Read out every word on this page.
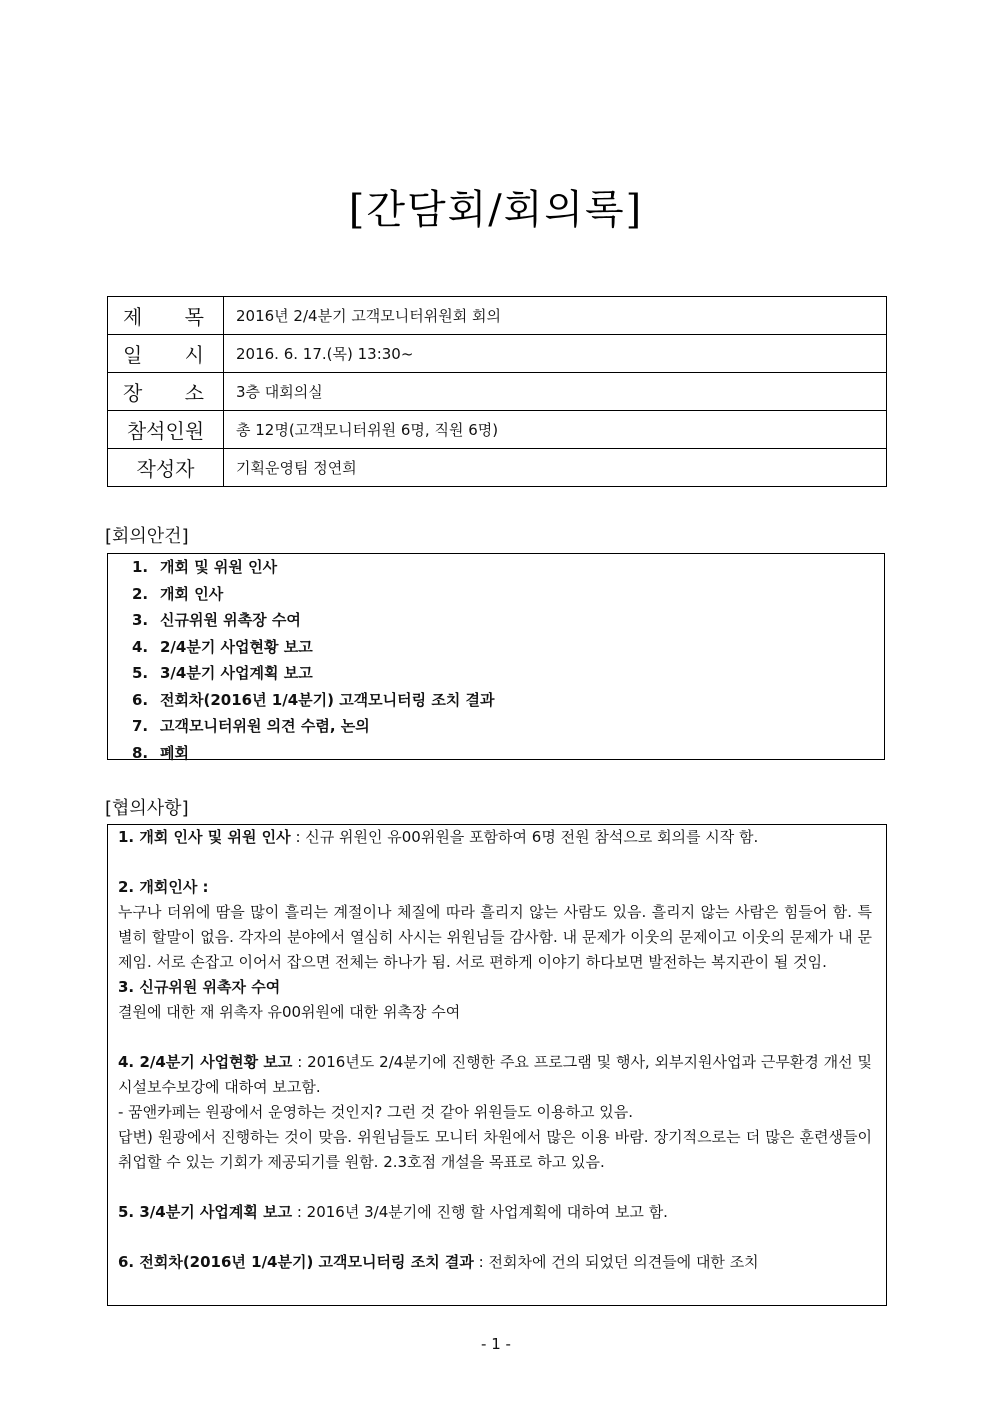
[간담회/회의록]
제 목	2016년 2/4분기 고객모니터위원회 회의
일 시	2016. 6. 17.(목) 13:30~
장 소	3층 대회의실
참석인원	총 12명(고객모니터위원 6명, 직원 6명)
작성자	기획운영팀 정연희
[회의안건]
1. 개회 및 위원 인사
2. 개회 인사
3. 신규위원 위촉장 수여
4. 2/4분기 사업현황 보고
5. 3/4분기 사업계획 보고
6. 전회차(2016년 1/4분기) 고객모니터링 조치 결과
7. 고객모니터위원 의견 수렴, 논의
8. 폐회
[협의사항]

1. 개회 인사 및 위원 인사 : 신규 위원인 유00위원을 포함하여 6명 전원 참석으로 회의를 시작 함.

2. 개회인사 :

누구나 더위에 땀을 많이 흘리는 계절이나 체질에 따라 흘리지 않는 사람도 있음. 흘리지 않는 사람은 힘들어 함. 특별히 할말이 없음. 각자의 분야에서 열심히 사시는 위원님들 감사함. 내 문제가 이웃의 문제이고 이웃의 문제가 내 문제임. 서로 손잡고 이어서 잡으면 전체는 하나가 됨. 서로 편하게 이야기 하다보면 발전하는 복지관이 될 것임.

3. 신규위원 위촉자 수여

결원에 대한 재 위촉자 유00위원에 대한 위촉장 수여

4. 2/4분기 사업현황 보고 : 2016년도 2/4분기에 진행한 주요 프로그램 및 행사, 외부지원사업과 근무환경 개선 및 시설보수보강에 대하여 보고함.

- 꿈앤카페는 원광에서 운영하는 것인지? 그런 것 같아 위원들도 이용하고 있음.

답변) 원광에서 진행하는 것이 맞음. 위원님들도 모니터 차원에서 많은 이용 바람. 장기적으로는 더 많은 훈련생들이 취업할 수 있는 기회가 제공되기를 원함. 2.3호점 개설을 목표로 하고 있음.

5. 3/4분기 사업계획 보고 : 2016년 3/4분기에 진행 할 사업계획에 대하여 보고 함.

6. 전회차(2016년 1/4분기) 고객모니터링 조치 결과 : 전회차에 건의 되었던 의견들에 대한 조치

- 1 -
